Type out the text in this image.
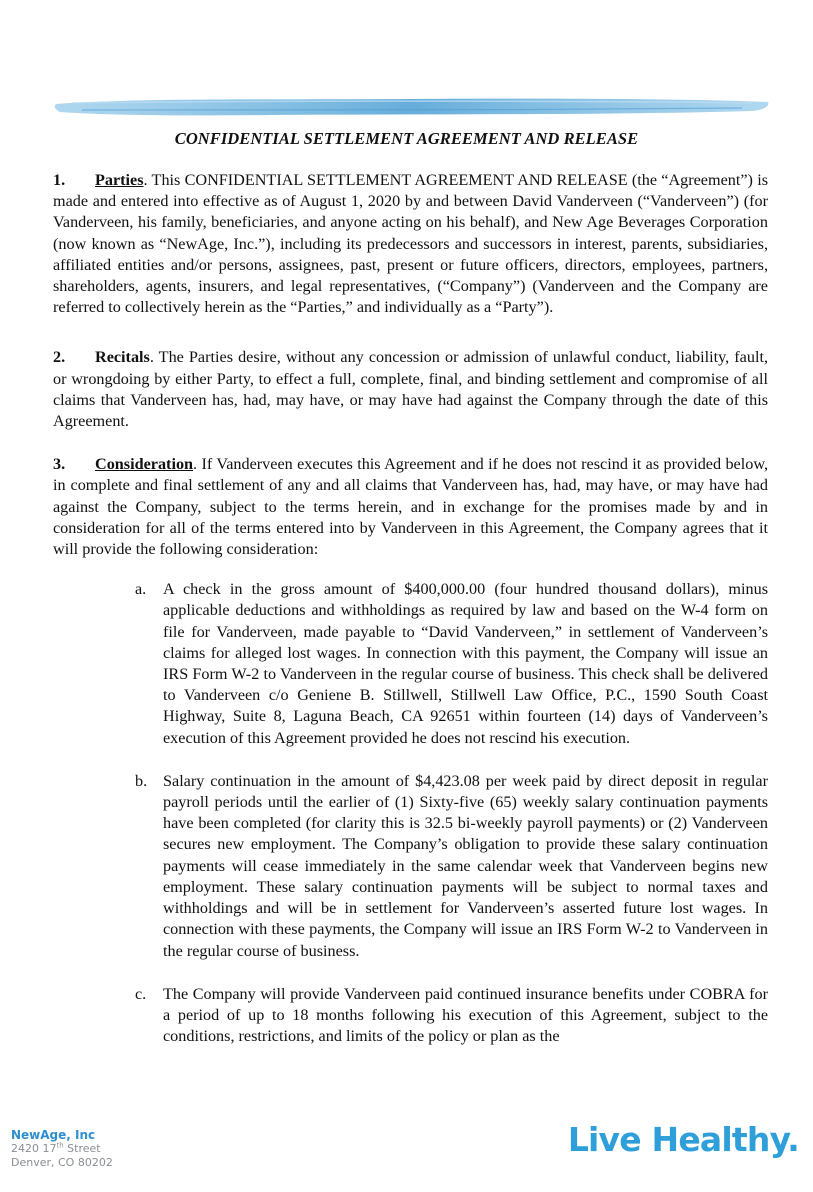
CONFIDENTIAL SETTLEMENT AGREEMENT AND RELEASE

1. Parties. This CONFIDENTIAL SETTLEMENT AGREEMENT AND RELEASE (the “Agreement”) is made and entered into effective as of August 1, 2020 by and between David Vanderveen (“Vanderveen”) (for Vanderveen, his family, beneficiaries, and anyone acting on his behalf), and New Age Beverages Corporation (now known as “NewAge, Inc.”), including its predecessors and successors in interest, parents, subsidiaries, affiliated entities and/or persons, assignees, past, present or future officers, directors, employees, partners, shareholders, agents, insurers, and legal representatives, (“Company”) (Vanderveen and the Company are referred to collectively herein as the “Parties,” and individually as a “Party”).

2. Recitals. The Parties desire, without any concession or admission of unlawful conduct, liability, fault, or wrongdoing by either Party, to effect a full, complete, final, and binding settlement and compromise of all claims that Vanderveen has, had, may have, or may have had against the Company through the date of this Agreement.

3. Consideration. If Vanderveen executes this Agreement and if he does not rescind it as provided below, in complete and final settlement of any and all claims that Vanderveen has, had, may have, or may have had against the Company, subject to the terms herein, and in exchange for the promises made by and in consideration for all of the terms entered into by Vanderveen in this Agreement, the Company agrees that it will provide the following consideration:

a. A check in the gross amount of $400,000.00 (four hundred thousand dollars), minus applicable deductions and withholdings as required by law and based on the W-4 form on file for Vanderveen, made payable to “David Vanderveen,” in settlement of Vanderveen’s claims for alleged lost wages. In connection with this payment, the Company will issue an IRS Form W-2 to Vanderveen in the regular course of business. This check shall be delivered to Vanderveen c/o Geniene B. Stillwell, Stillwell Law Office, P.C., 1590 South Coast Highway, Suite 8, Laguna Beach, CA 92651 within fourteen (14) days of Vanderveen’s execution of this Agreement provided he does not rescind his execution.
b. Salary continuation in the amount of $4,423.08 per week paid by direct deposit in regular payroll periods until the earlier of (1) Sixty-five (65) weekly salary continuation payments have been completed (for clarity this is 32.5 bi-weekly payroll payments) or (2) Vanderveen secures new employment. The Company’s obligation to provide these salary continuation payments will cease immediately in the same calendar week that Vanderveen begins new employment. These salary continuation payments will be subject to normal taxes and withholdings and will be in settlement for Vanderveen’s asserted future lost wages. In connection with these payments, the Company will issue an IRS Form W-2 to Vanderveen in the regular course of business.
c. The Company will provide Vanderveen paid continued insurance benefits under COBRA for a period of up to 18 months following his execution of this Agreement, subject to the conditions, restrictions, and limits of the policy or plan as the
NewAge, Inc
2420 17th Street
Denver, CO 80202
Live Healthy.
